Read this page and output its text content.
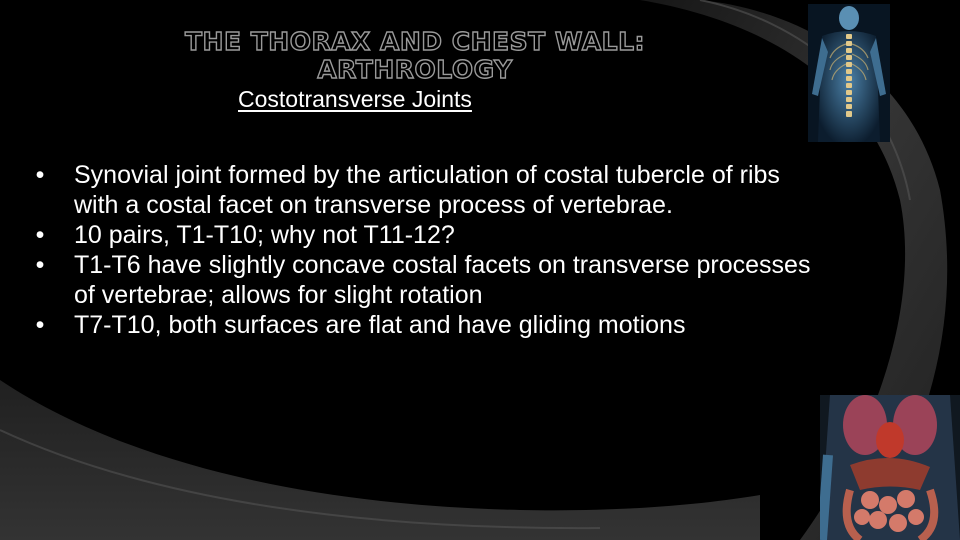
THE THORAX AND CHEST WALL: ARTHROLOGY
Costotransverse Joints
• Synovial joint formed by the articulation of costal tubercle of ribs with a costal facet on transverse process of vertebrae.
• 10 pairs, T1-T10; why not T11-12?
• T1-T6 have slightly concave costal facets on transverse processes of vertebrae; allows for slight rotation
• T7-T10, both surfaces are flat and have gliding motions
